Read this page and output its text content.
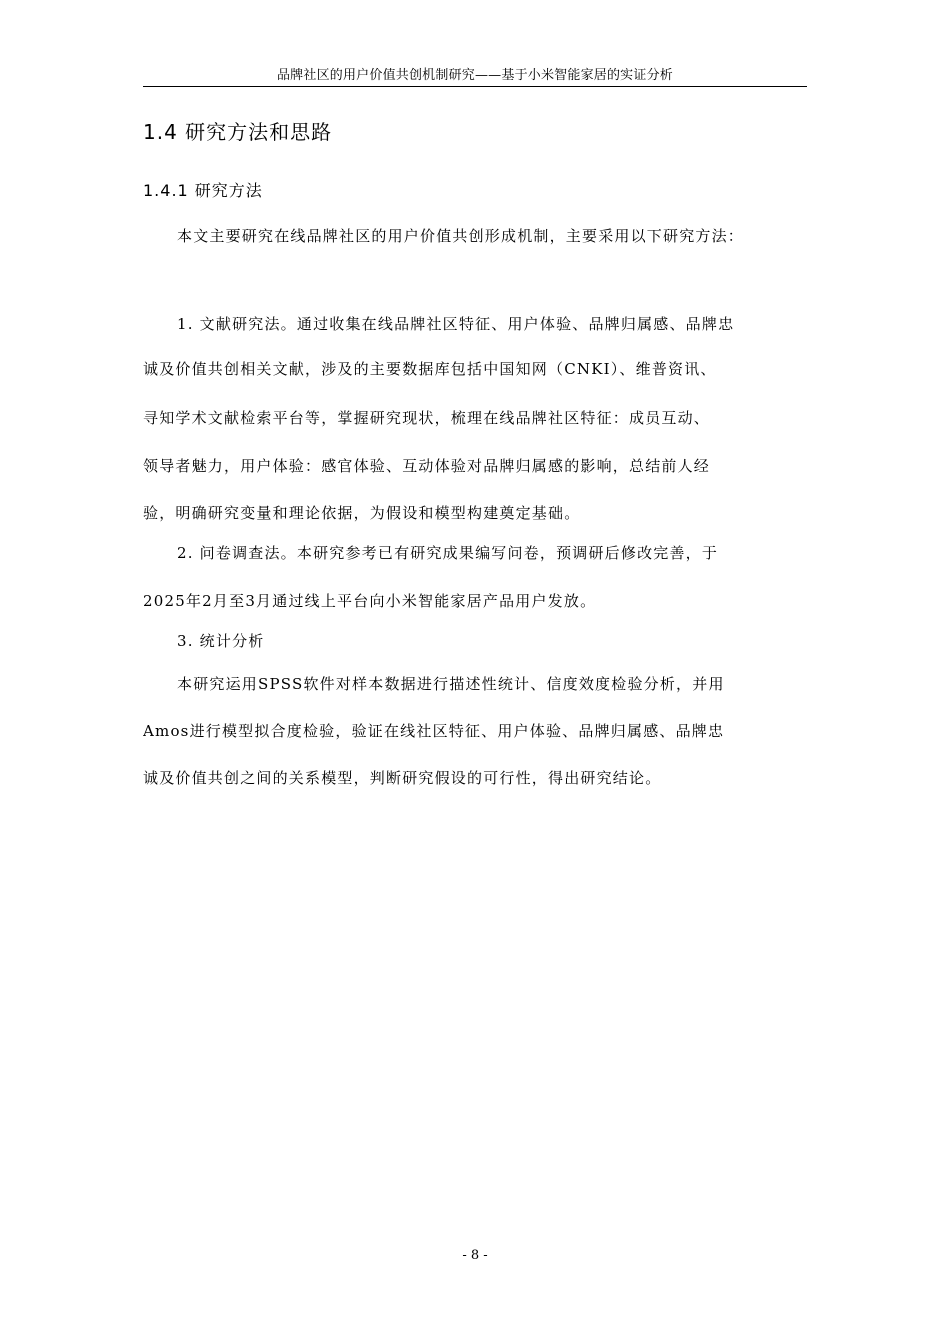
品牌社区的用户价值共创机制研究——基于小米智能家居的实证分析
1.4 研究方法和思路
1.4.1 研究方法
本文主要研究在线品牌社区的用户价值共创形成机制，主要采用以下研究方法：
1. 文献研究法。通过收集在线品牌社区特征、用户体验、品牌归属感、品牌忠
诚及价值共创相关文献，涉及的主要数据库包括中国知网（CNKI）、维普资讯、
寻知学术文献检索平台等，掌握研究现状，梳理在线品牌社区特征：成员互动、
领导者魅力，用户体验：感官体验、互动体验对品牌归属感的影响，总结前人经
验，明确研究变量和理论依据，为假设和模型构建奠定基础。
2. 问卷调查法。本研究参考已有研究成果编写问卷，预调研后修改完善，于
2025年2月至3月通过线上平台向小米智能家居产品用户发放。
3. 统计分析
本研究运用SPSS软件对样本数据进行描述性统计、信度效度检验分析，并用
Amos进行模型拟合度检验，验证在线社区特征、用户体验、品牌归属感、品牌忠
诚及价值共创之间的关系模型，判断研究假设的可行性，得出研究结论。
- 8 -
